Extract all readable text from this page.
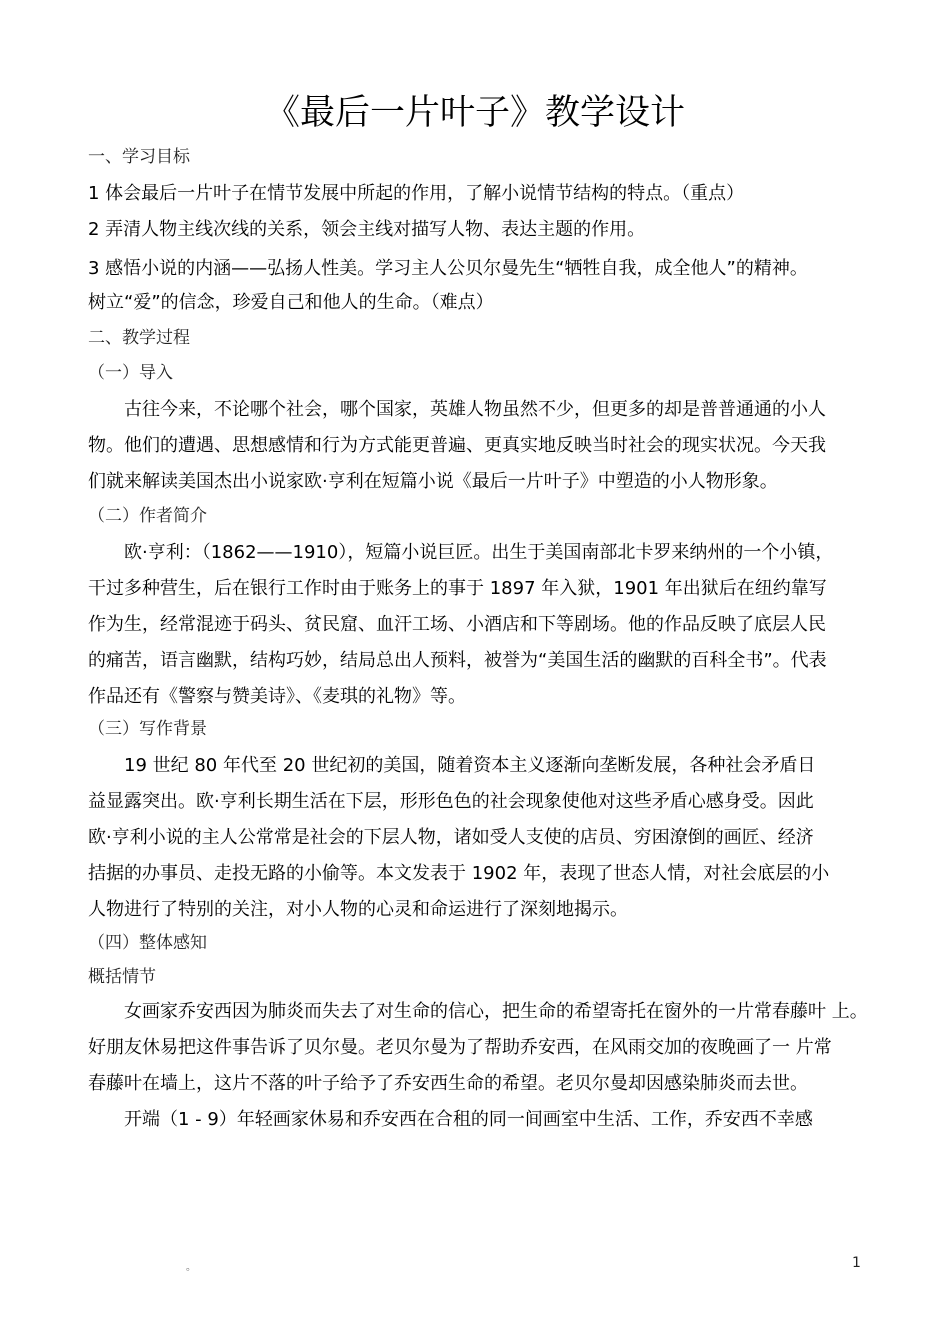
《最后一片叶子》教学设计
一、学习目标
1 体会最后一片叶子在情节发展中所起的作用，了解小说情节结构的特点。（重点）
2 弄清人物主线次线的关系，领会主线对描写人物、表达主题的作用。
3 感悟小说的内涵——弘扬人性美。学习主人公贝尔曼先生“牺牲自我，成全他人”的精神。
树立“爱”的信念，珍爱自己和他人的生命。（难点）
二、教学过程
（一）导入
古往今来，不论哪个社会，哪个国家，英雄人物虽然不少，但更多的却是普普通通的小人
物。他们的遭遇、思想感情和行为方式能更普遍、更真实地反映当时社会的现实状况。今天我
们就来解读美国杰出小说家欧·亨利在短篇小说《最后一片叶子》中塑造的小人物形象。
（二）作者简介
欧·亨利：（1862——1910），短篇小说巨匠。出生于美国南部北卡罗来纳州的一个小镇，
干过多种营生，后在银行工作时由于账务上的事于 1897 年入狱，1901 年出狱后在纽约靠写
作为生，经常混迹于码头、贫民窟、血汗工场、小酒店和下等剧场。他的作品反映了底层人民
的痛苦，语言幽默，结构巧妙，结局总出人预料，被誉为“美国生活的幽默的百科全书”。代表
作品还有《警察与赞美诗》、《麦琪的礼物》等。
（三）写作背景
19 世纪 80 年代至 20 世纪初的美国，随着资本主义逐渐向垄断发展，各种社会矛盾日
益显露突出。欧·亨利长期生活在下层，形形色色的社会现象使他对这些矛盾心感身受。因此
欧·亨利小说的主人公常常是社会的下层人物，诸如受人支使的店员、穷困潦倒的画匠、经济
拮据的办事员、走投无路的小偷等。本文发表于 1902 年，表现了世态人情，对社会底层的小
人物进行了特别的关注，对小人物的心灵和命运进行了深刻地揭示。
（四）整体感知
概括情节
女画家乔安西因为肺炎而失去了对生命的信心，把生命的希望寄托在窗外的一片常春藤叶 上。
好朋友休易把这件事告诉了贝尔曼。老贝尔曼为了帮助乔安西，在风雨交加的夜晚画了一 片常
春藤叶在墙上，这片不落的叶子给予了乔安西生命的希望。老贝尔曼却因感染肺炎而去世。
开端（1 - 9）年轻画家休易和乔安西在合租的同一间画室中生活、工作，乔安西不幸感
。	1
